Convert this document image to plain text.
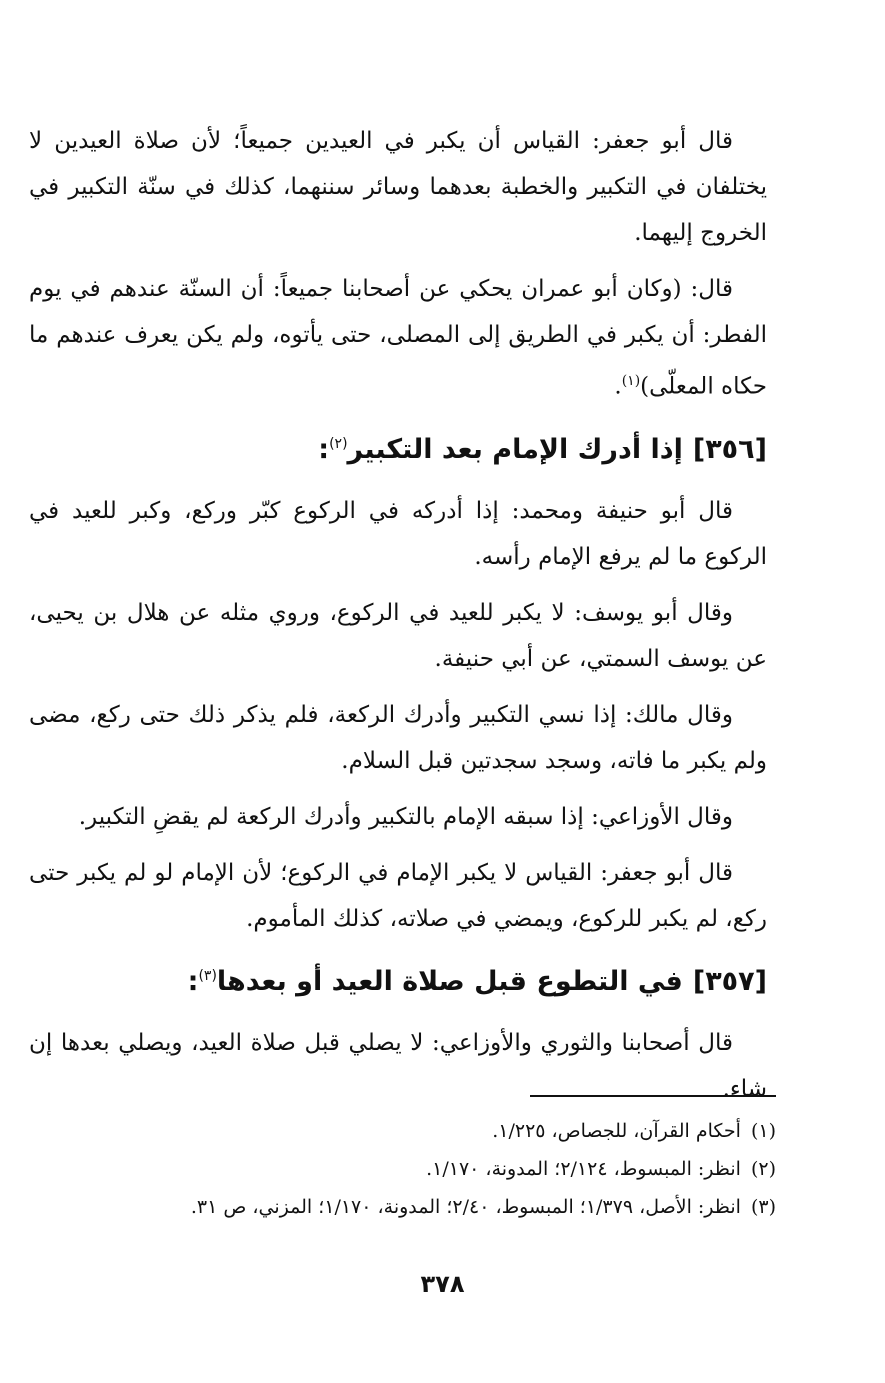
قال أبو جعفر: القياس أن يكبر في العيدين جميعاً؛ لأن صلاة العيدين لا يختلفان في التكبير والخطبة بعدهما وسائر سننهما، كذلك في سنّة التكبير في الخروج إليهما.

قال: (وكان أبو عمران يحكي عن أصحابنا جميعاً: أن السنّة عندهم في يوم الفطر: أن يكبر في الطريق إلى المصلى، حتى يأتوه، ولم يكن يعرف عندهم ما حكاه المعلّى)$^{(١)}$.

[٣٥٦]إذا أدرك الإمام بعد التكبير$^{(٢)}$:

قال أبو حنيفة ومحمد: إذا أدركه في الركوع كبّر وركع، وكبر للعيد في الركوع ما لم يرفع الإمام رأسه.

وقال أبو يوسف: لا يكبر للعيد في الركوع، وروي مثله عن هلال بن يحيى، عن يوسف السمتي، عن أبي حنيفة.

وقال مالك: إذا نسي التكبير وأدرك الركعة، فلم يذكر ذلك حتى ركع، مضى ولم يكبر ما فاته، وسجد سجدتين قبل السلام.

وقال الأوزاعي: إذا سبقه الإمام بالتكبير وأدرك الركعة لم يقضِ التكبير.

قال أبو جعفر: القياس لا يكبر الإمام في الركوع؛ لأن الإمام لو لم يكبر حتى ركع، لم يكبر للركوع، ويمضي في صلاته، كذلك المأموم.

[٣٥٧]في التطوع قبل صلاة العيد أو بعدها$^{(٣)}$:

قال أصحابنا والثوري والأوزاعي: لا يصلي قبل صلاة العيد، ويصلي بعدها إن شاء.

(١)أحكام القرآن، للجصاص، ١/٢٢٥.

(٢)انظر: المبسوط، ٢/١٢٤؛ المدونة، ١/١٧٠.

(٣)انظر: الأصل، ١/٣٧٩؛ المبسوط، ٢/٤٠؛ المدونة، ١/١٧٠؛ المزني، ص ٣١.

٣٧٨
